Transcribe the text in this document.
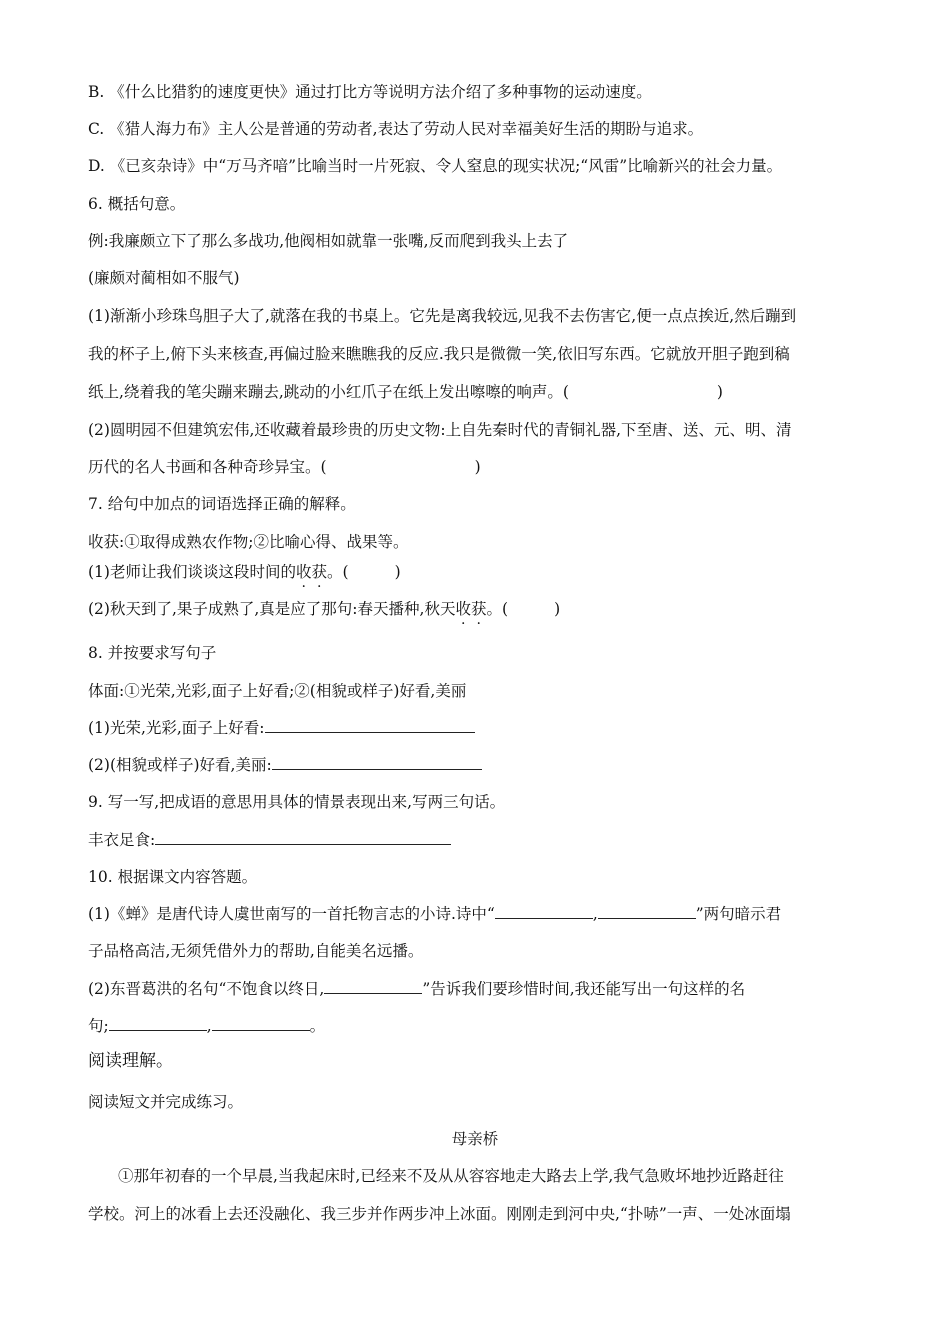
B. 《什么比猎豹的速度更快》通过打比方等说明方法介绍了多种事物的运动速度。
C. 《猎人海力布》主人公是普通的劳动者,表达了劳动人民对幸福美好生活的期盼与追求。
D. 《已亥杂诗》中“万马齐喑”比喻当时一片死寂、令人窒息的现实状况;“风雷”比喻新兴的社会力量。
6. 概括句意。
例:我廉颇立下了那么多战功,他阀相如就靠一张嘴,反而爬到我头上去了
(廉颇对蔺相如不服气)
(1)渐渐小珍珠鸟胆子大了,就落在我的书桌上。它先是离我较远,见我不去伤害它,便一点点挨近,然后蹦到
我的杯子上,俯下头来核查,再偏过脸来瞧瞧我的反应.我只是微微一笑,依旧写东西。它就放开胆子跑到稿
纸上,绕着我的笔尖蹦来蹦去,跳动的小红爪子在纸上发出嚓嚓的响声。(	)
(2)圆明园不但建筑宏伟,还收藏着最珍贵的历史文物:上自先秦时代的青铜礼器,下至唐、送、元、明、清
历代的名人书画和各种奇珍异宝。(	)
7. 给句中加点的词语选择正确的解释。
收获:①取得成熟农作物;②比喻心得、战果等。
(1)老师让我们谈谈这段时间的收获。(	)
(2)秋天到了,果子成熟了,真是应了那句:春天播种,秋天收获。(	)
8. 并按要求写句子
体面:①光荣,光彩,面子上好看;②(相貌或样子)好看,美丽
(1)光荣,光彩,面子上好看:
(2)(相貌或样子)好看,美丽:
9. 写一写,把成语的意思用具体的情景表现出来,写两三句话。
丰衣足食:
10. 根据课文内容答题。
(1)《蝉》是唐代诗人虞世南写的一首托物言志的小诗.诗中“	,	”两句暗示君
子品格高洁,无须凭借外力的帮助,自能美名远播。
(2)东晋葛洪的名句“不饱食以终日,	”告诉我们要珍惜时间,我还能写出一句这样的名
句;	,	。
阅读理解。
阅读短文并完成练习。
母亲桥
①那年初春的一个早晨,当我起床时,已经来不及从从容容地走大路去上学,我气急败坏地抄近路赶往
学校。河上的冰看上去还没融化、我三步并作两步冲上冰面。刚刚走到河中央,“扑哧”一声、一处冰面塌
